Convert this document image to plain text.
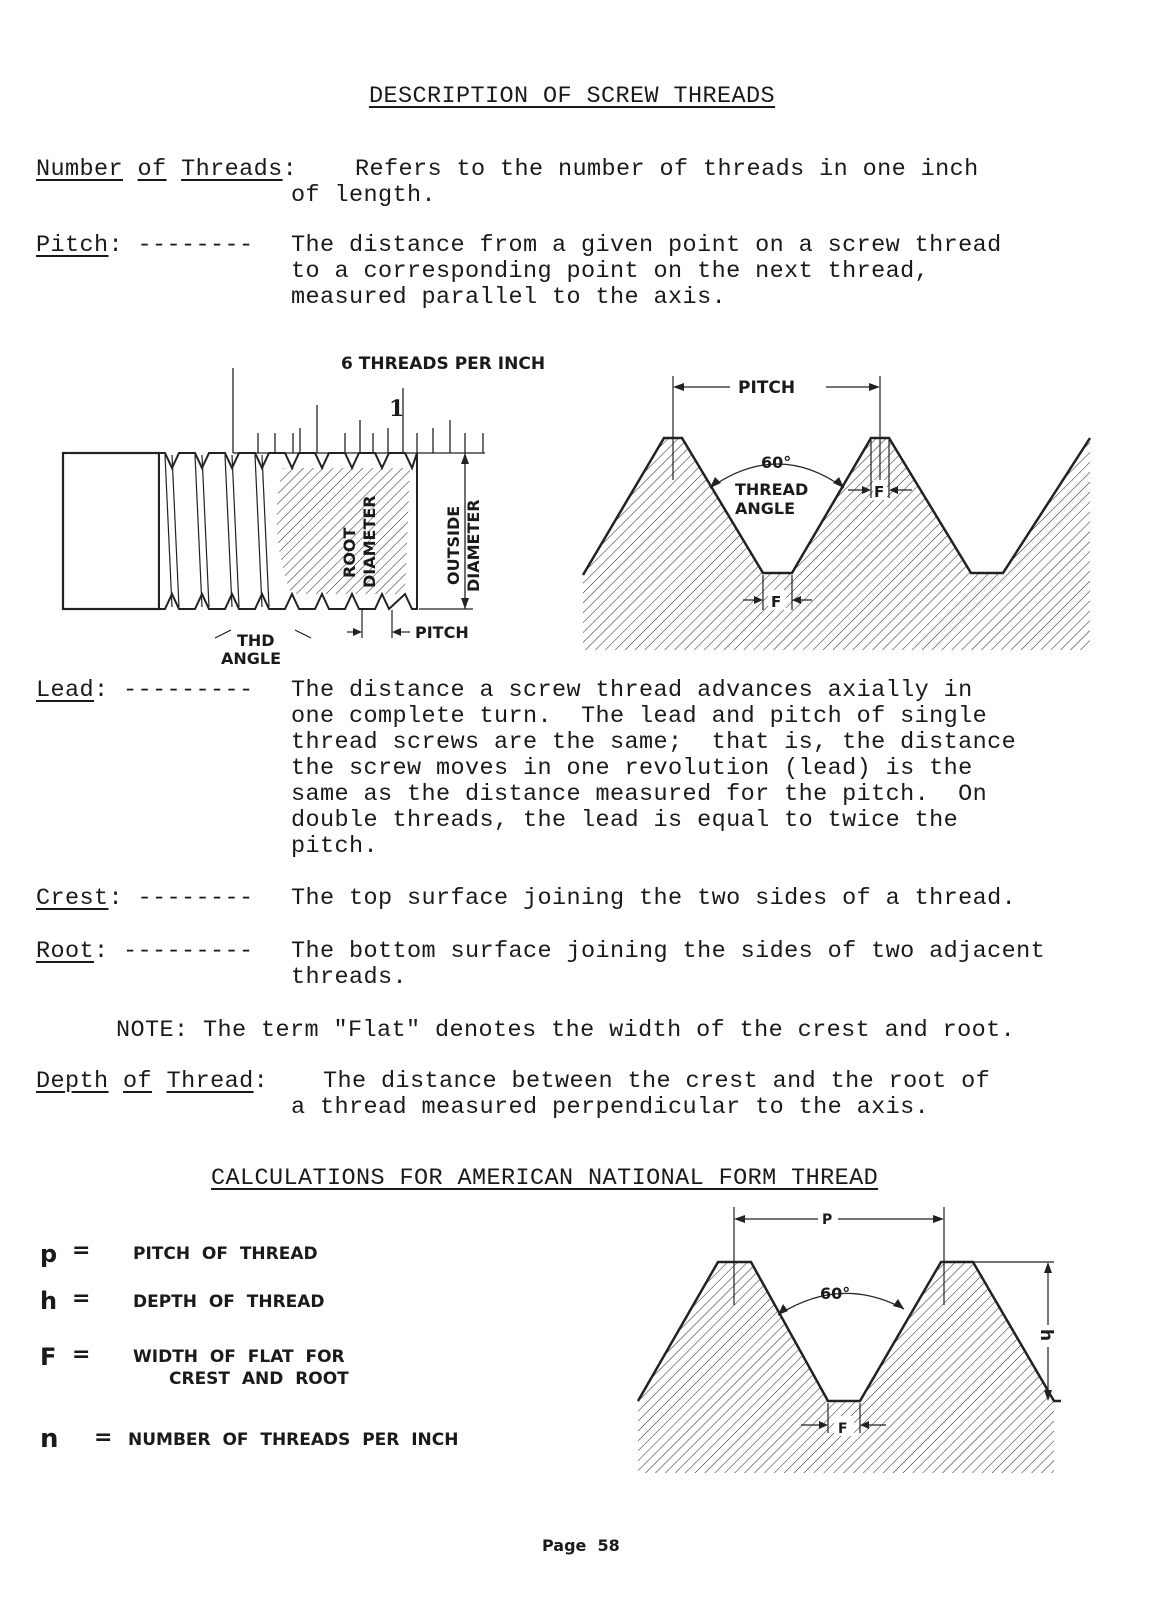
DESCRIPTION OF SCREW THREADS
Number of Threads:	Refers to the number of threads in one inch
of length.
Pitch: -------- The distance from a given point on a screw thread
to a corresponding point on the next thread,
measured parallel to the axis.
6 THREADS PER INCH
1
ROOT DIAMETER	OUTSIDE DIAMETER
THD
ANGLE
PITCH
PITCH
60°
THREAD
ANGLE
F
F
Lead: --------- The distance a screw thread advances axially in
one complete turn.  The lead and pitch of single
thread screws are the same;  that is, the distance
the screw moves in one revolution (lead) is the
same as the distance measured for the pitch.  On
double threads, the lead is equal to twice the
pitch.
Crest: -------- The top surface joining the two sides of a thread.
Root: --------- The bottom surface joining the sides of two adjacent
threads.
NOTE: The term "Flat" denotes the width of the crest and root.
Depth of Thread:	The distance between the crest and the root of
a thread measured perpendicular to the axis.
CALCULATIONS FOR AMERICAN NATIONAL FORM THREAD
p =	PITCH  OF  THREAD
h =	DEPTH  OF  THREAD
F =	WIDTH  OF  FLAT  FOR
CREST  AND  ROOT
n = NUMBER  OF  THREADS  PER  INCH
P
60°
h
F
Page  58
